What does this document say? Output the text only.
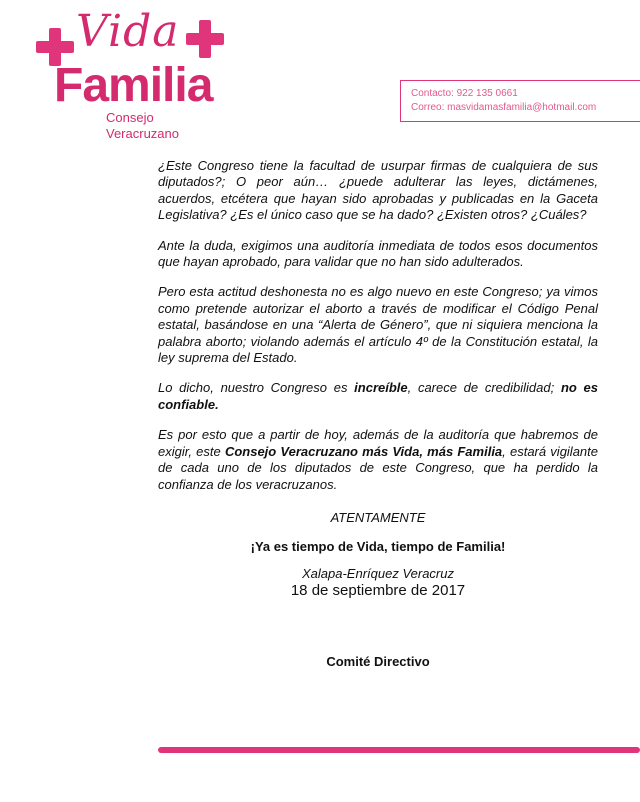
Vida
Familia
Consejo Veracruzano
Contacto: 922 135 0661
Correo: masvidamasfamilia@hotmail.com

¿Este Congreso tiene la facultad de usurpar firmas de cualquiera de sus diputados?; O peor aún… ¿puede adulterar las leyes, dictámenes, acuerdos, etcétera que hayan sido aprobadas y publicadas en la Gaceta Legislativa? ¿Es el único caso que se ha dado? ¿Existen otros? ¿Cuáles?

Ante la duda, exigimos una auditoría inmediata de todos esos documentos que hayan aprobado, para validar que no han sido adulterados.

Pero esta actitud deshonesta no es algo nuevo en este Congreso; ya vimos como pretende autorizar el aborto a través de modificar el Código Penal estatal, basándose en una “Alerta de Género”, que ni siquiera menciona la palabra aborto; violando además el artículo 4º de la Constitución estatal, la ley suprema del Estado.

Lo dicho, nuestro Congreso es increíble, carece de credibilidad; no es confiable.

Es por esto que a partir de hoy, además de la auditoría que habremos de exigir, este Consejo Veracruzano más Vida, más Familia, estará vigilante de cada uno de los diputados de este Congreso, que ha perdido la confianza de los veracruzanos.

ATENTAMENTE
¡Ya es tiempo de Vida, tiempo de Familia!
Xalapa-Enríquez Veracruz
18 de septiembre de 2017
Comité Directivo
